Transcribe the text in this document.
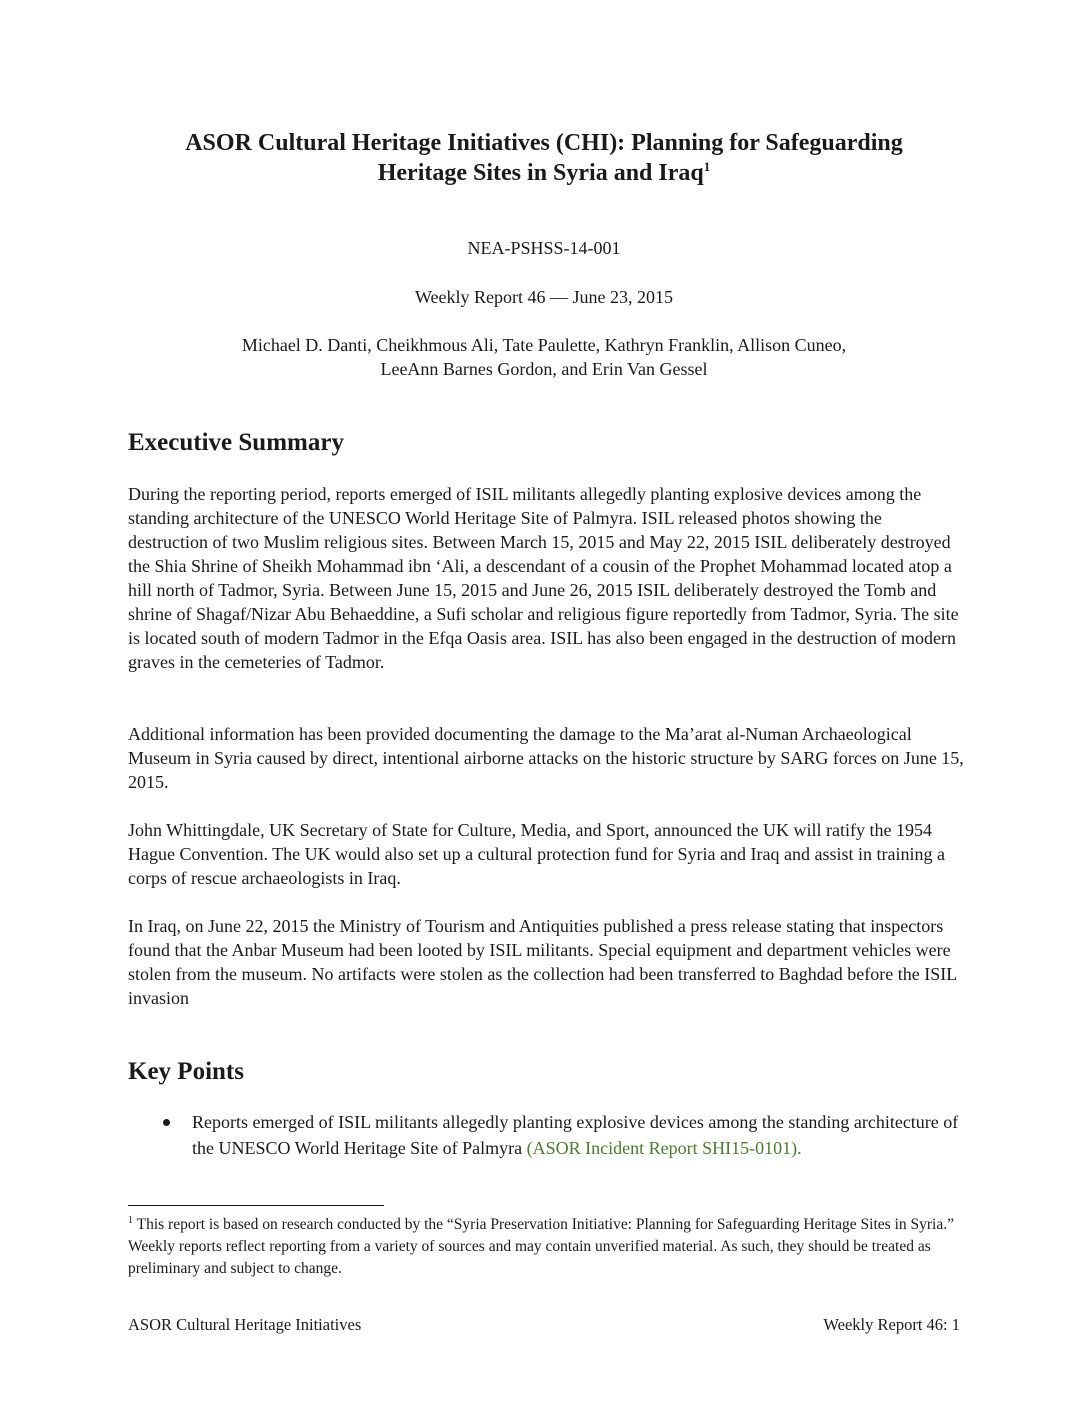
ASOR Cultural Heritage Initiatives (CHI): Planning for Safeguarding
Heritage Sites in Syria and Iraq$^1$
NEA-PSHSS-14-001
Weekly Report 46 — June 23, 2015
Michael D. Danti, Cheikhmous Ali, Tate Paulette, Kathryn Franklin, Allison Cuneo,
LeeAnn Barnes Gordon, and Erin Van Gessel
Executive Summary

During the reporting period, reports emerged of ISIL militants allegedly planting explosive devices among the standing architecture of the UNESCO World Heritage Site of Palmyra. ISIL released photos showing the destruction of two Muslim religious sites. Between March 15, 2015 and May 22, 2015 ISIL deliberately destroyed the Shia Shrine of Sheikh Mohammad ibn ‘Ali, a descendant of a cousin of the Prophet Mohammad located atop a hill north of Tadmor, Syria. Between June 15, 2015 and June 26, 2015 ISIL deliberately destroyed the Tomb and shrine of Shagaf/Nizar Abu Behaeddine, a Sufi scholar and religious figure reportedly from Tadmor, Syria. The site is located south of modern Tadmor in the Efqa Oasis area. ISIL has also been engaged in the destruction of modern graves in the cemeteries of Tadmor.

Additional information has been provided documenting the damage to the Ma’arat al-Numan Archaeological Museum in Syria caused by direct, intentional airborne attacks on the historic structure by SARG forces on June 15, 2015.

John Whittingdale, UK Secretary of State for Culture, Media, and Sport, announced the UK will ratify the 1954 Hague Convention. The UK would also set up a cultural protection fund for Syria and Iraq and assist in training a corps of rescue archaeologists in Iraq.

In Iraq, on June 22, 2015 the Ministry of Tourism and Antiquities published a press release stating that inspectors found that the Anbar Museum had been looted by ISIL militants. Special equipment and department vehicles were stolen from the museum. No artifacts were stolen as the collection had been transferred to Baghdad before the ISIL invasion

Key Points
Reports emerged of ISIL militants allegedly planting explosive devices among the standing architecture of the UNESCO World Heritage Site of Palmyra (ASOR Incident Report SHI15-0101).
$^1$ This report is based on research conducted by the “Syria Preservation Initiative: Planning for Safeguarding Heritage Sites in Syria.” Weekly reports reflect reporting from a variety of sources and may contain unverified material. As such, they should be treated as preliminary and subject to change.
ASOR Cultural Heritage Initiatives	Weekly Report 46: 1
